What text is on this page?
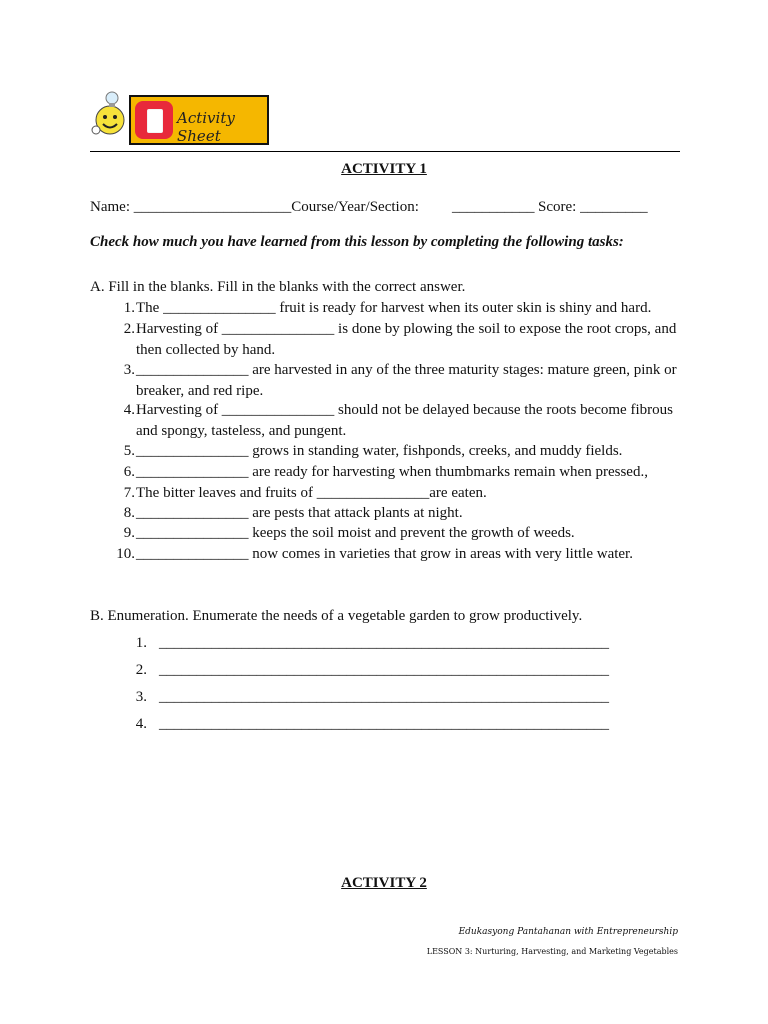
Activity Sheet
ACTIVITY 1
Name: _____________________Course/Year/Section: ___________ Score: _________
Check how much you have learned from this lesson by completing the following tasks:
A. Fill in the blanks. Fill in the blanks with the correct answer.
1. The _______________ fruit is ready for harvest when its outer skin is shiny and hard.
2. Harvesting of _______________ is done by plowing the soil to expose the root crops, and
then collected by hand.
3. _______________ are harvested in any of the three maturity stages: mature green, pink or
breaker, and red ripe.
4. Harvesting of _______________ should not be delayed because the roots become fibrous
and spongy, tasteless, and pungent.
5. _______________ grows in standing water, fishponds, creeks, and muddy fields.
6. _______________ are ready for harvesting when thumbmarks remain when pressed.,
7. The bitter leaves and fruits of _______________are eaten.
8. _______________ are pests that attack plants at night.
9. _______________ keeps the soil moist and prevent the growth of weeds.
10. _______________ now comes in varieties that grow in areas with very little water.
B. Enumeration. Enumerate the needs of a vegetable garden to grow productively.
1. ____________________________________________________________
2. ____________________________________________________________
3. ____________________________________________________________
4. ____________________________________________________________
ACTIVITY 2
Edukasyong Pantahanan with Entrepreneurship
LESSON 3: Nurturing, Harvesting, and Marketing Vegetables
